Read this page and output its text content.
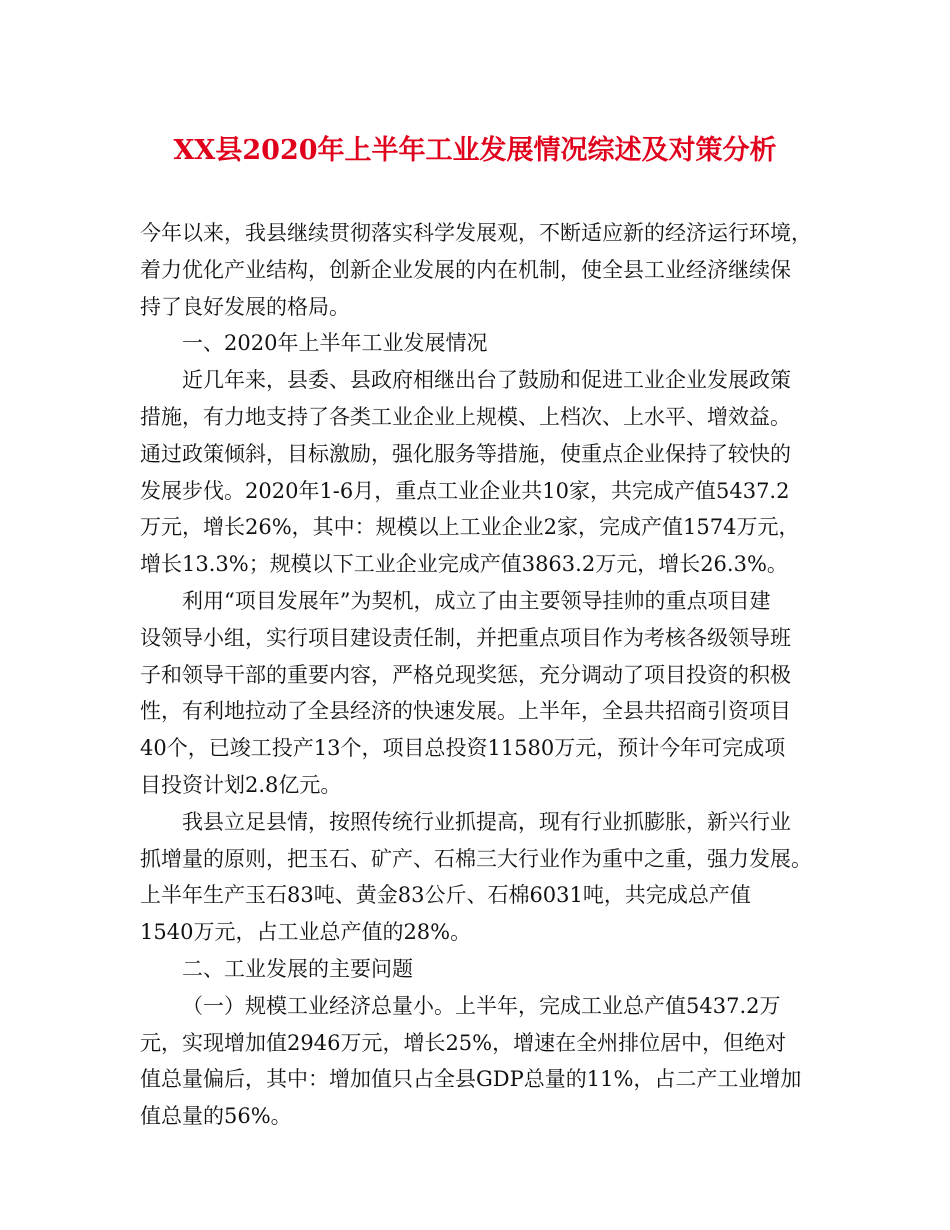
XX县2020年上半年工业发展情况综述及对策分析

今年以来，我县继续贯彻落实科学发展观，不断适应新的经济运行环境，
着力优化产业结构，创新企业发展的内在机制，使全县工业经济继续保
持了良好发展的格局。

一、2020年上半年工业发展情况

近几年来，县委、县政府相继出台了鼓励和促进工业企业发展政策
措施，有力地支持了各类工业企业上规模、上档次、上水平、增效益。
通过政策倾斜，目标激励，强化服务等措施，使重点企业保持了较快的
发展步伐。2020年1-6月，重点工业企业共10家，共完成产值5437.2
万元，增长26%，其中：规模以上工业企业2家，完成产值1574万元，
增长13.3%；规模以下工业企业完成产值3863.2万元，增长26.3%。

利用“项目发展年”为契机，成立了由主要领导挂帅的重点项目建
设领导小组，实行项目建设责任制，并把重点项目作为考核各级领导班
子和领导干部的重要内容，严格兑现奖惩，充分调动了项目投资的积极
性，有利地拉动了全县经济的快速发展。上半年，全县共招商引资项目
40个，已竣工投产13个，项目总投资11580万元，预计今年可完成项
目投资计划2.8亿元。

我县立足县情，按照传统行业抓提高，现有行业抓膨胀，新兴行业
抓增量的原则，把玉石、矿产、石棉三大行业作为重中之重，强力发展。
上半年生产玉石83吨、黄金83公斤、石棉6031吨，共完成总产值
1540万元，占工业总产值的28%。

二、工业发展的主要问题

（一）规模工业经济总量小。上半年，完成工业总产值5437.2万
元，实现增加值2946万元，增长25%，增速在全州排位居中，但绝对
值总量偏后，其中：增加值只占全县GDP总量的11%，占二产工业增加
值总量的56%。
